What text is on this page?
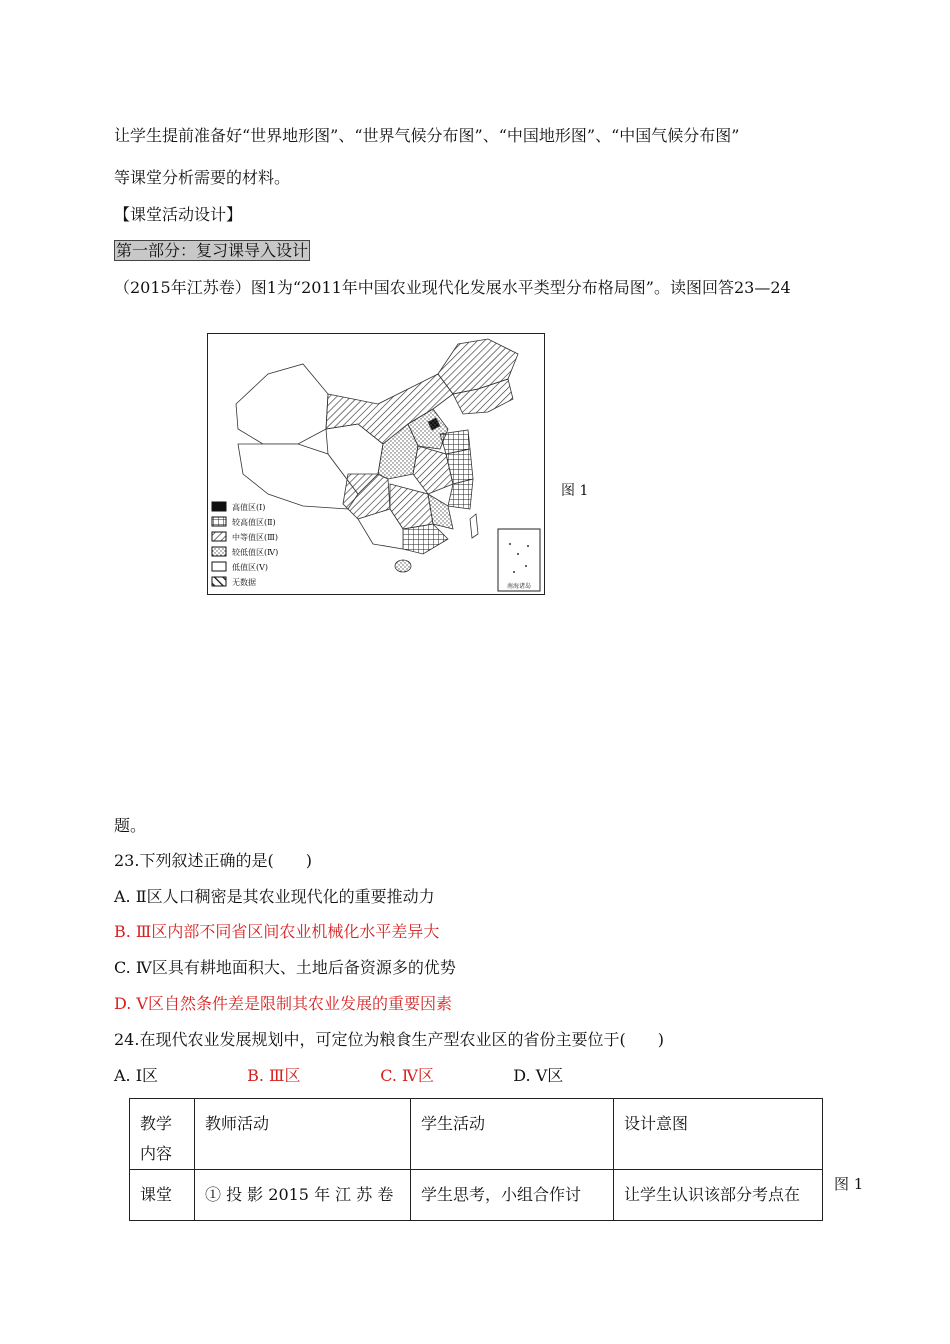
让学生提前准备好“世界地形图”、“世界气候分布图”、“中国地形图”、“中国气候分布图”
等课堂分析需要的材料。
【课堂活动设计】
第一部分：复习课导入设计
（2015年江苏卷）图1为“2011年中国农业现代化发展水平类型分布格局图”。读图回答23—24
南海诸岛
高值区(Ⅰ)
较高值区(Ⅱ)
中等值区(Ⅲ)
较低值区(Ⅳ)
低值区(Ⅴ)
无数据
图 1
题。
23.下列叙述正确的是(　　)
A. Ⅱ区人口稠密是其农业现代化的重要推动力
B. Ⅲ区内部不同省区间农业机械化水平差异大
C. Ⅳ区具有耕地面积大、土地后备资源多的优势
D. Ⅴ区自然条件差是限制其农业发展的重要因素
24.在现代农业发展规划中，可定位为粮食生产型农业区的省份主要位于(　　)
A. Ⅰ区	B. Ⅲ区	C. Ⅳ区	D. Ⅴ区
教学内容	教师活动	学生活动	设计意图
课堂	① 投 影 2015 年 江 苏 卷	学生思考，小组合作讨	让学生认识该部分考点在
图 1
